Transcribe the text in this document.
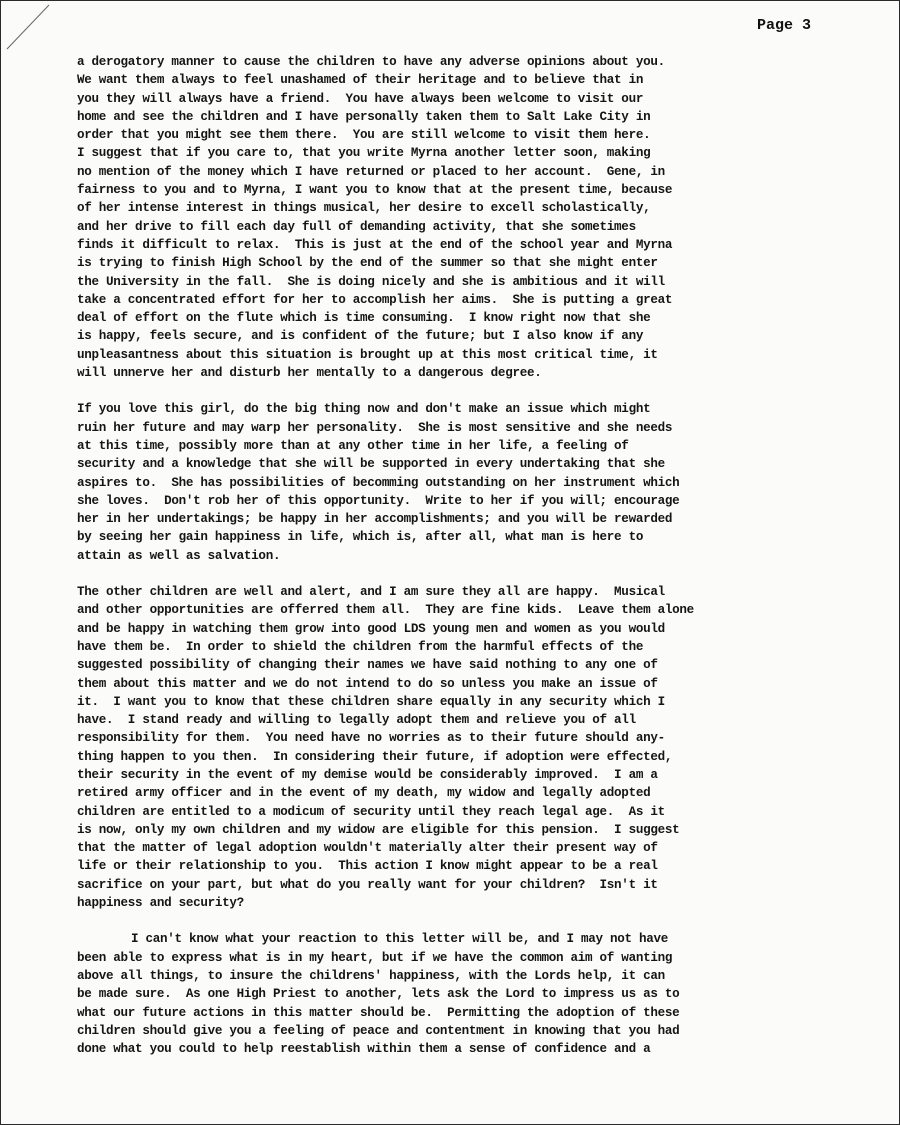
Page 3
a derogatory manner to cause the children to have any adverse opinions about you.
We want them always to feel unashamed of their heritage and to believe that in
you they will always have a friend.  You have always been welcome to visit our
home and see the children and I have personally taken them to Salt Lake City in
order that you might see them there.  You are still welcome to visit them here.
I suggest that if you care to, that you write Myrna another letter soon, making
no mention of the money which I have returned or placed to her account.  Gene, in
fairness to you and to Myrna, I want you to know that at the present time, because
of her intense interest in things musical, her desire to excell scholastically,
and her drive to fill each day full of demanding activity, that she sometimes
finds it difficult to relax.  This is just at the end of the school year and Myrna
is trying to finish High School by the end of the summer so that she might enter
the University in the fall.  She is doing nicely and she is ambitious and it will
take a concentrated effort for her to accomplish her aims.  She is putting a great
deal of effort on the flute which is time consuming.  I know right now that she
is happy, feels secure, and is confident of the future; but I also know if any
unpleasantness about this situation is brought up at this most critical time, it
will unnerve her and disturb her mentally to a dangerous degree.
If you love this girl, do the big thing now and don't make an issue which might
ruin her future and may warp her personality.  She is most sensitive and she needs
at this time, possibly more than at any other time in her life, a feeling of
security and a knowledge that she will be supported in every undertaking that she
aspires to.  She has possibilities of becomming outstanding on her instrument which
she loves.  Don't rob her of this opportunity.  Write to her if you will; encourage
her in her undertakings; be happy in her accomplishments; and you will be rewarded
by seeing her gain happiness in life, which is, after all, what man is here to
attain as well as salvation.
The other children are well and alert, and I am sure they all are happy.  Musical
and other opportunities are offerred them all.  They are fine kids.  Leave them alone
and be happy in watching them grow into good LDS young men and women as you would
have them be.  In order to shield the children from the harmful effects of the
suggested possibility of changing their names we have said nothing to any one of
them about this matter and we do not intend to do so unless you make an issue of
it.  I want you to know that these children share equally in any security which I
have.  I stand ready and willing to legally adopt them and relieve you of all
responsibility for them.  You need have no worries as to their future should any-
thing happen to you then.  In considering their future, if adoption were effected,
their security in the event of my demise would be considerably improved.  I am a
retired army officer and in the event of my death, my widow and legally adopted
children are entitled to a modicum of security until they reach legal age.  As it
is now, only my own children and my widow are eligible for this pension.  I suggest
that the matter of legal adoption wouldn't materially alter their present way of
life or their relationship to you.  This action I know might appear to be a real
sacrifice on your part, but what do you really want for your children?  Isn't it
happiness and security?
I can't know what your reaction to this letter will be, and I may not have
been able to express what is in my heart, but if we have the common aim of wanting
above all things, to insure the childrens' happiness, with the Lords help, it can
be made sure.  As one High Priest to another, lets ask the Lord to impress us as to
what our future actions in this matter should be.  Permitting the adoption of these
children should give you a feeling of peace and contentment in knowing that you had
done what you could to help reestablish within them a sense of confidence and a
